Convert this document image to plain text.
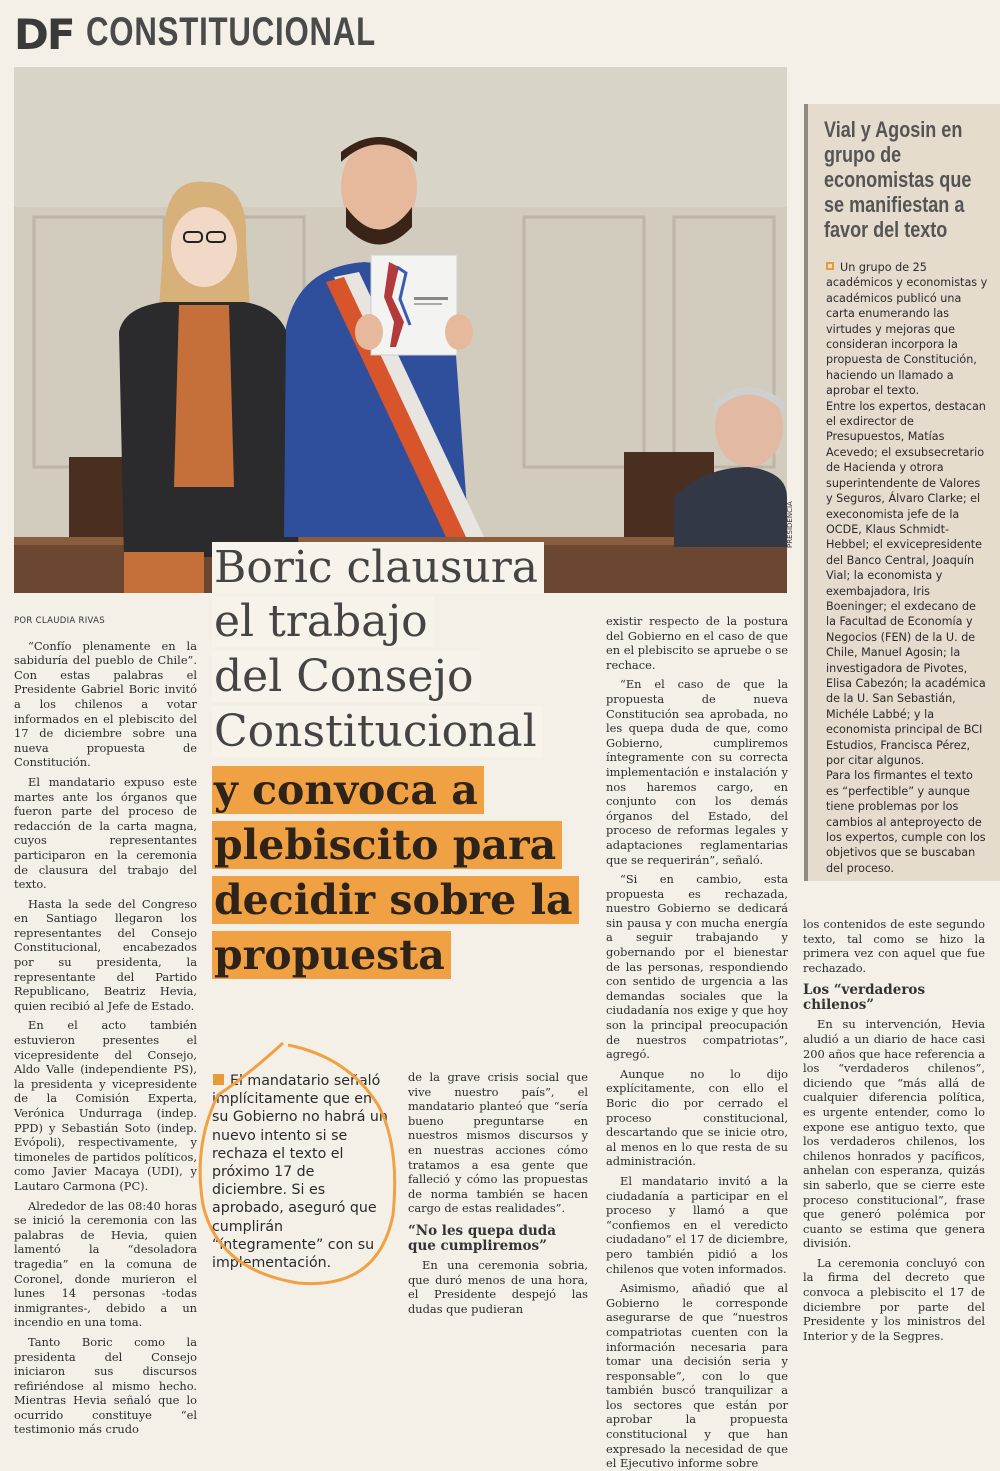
DF CONSTITUCIONAL
PRESIDENCIA
Vial y Agosin en grupo de economistas que se manifiestan a favor del texto

Un grupo de 25 académicos y economistas y académicos publicó una carta enumerando las virtudes y mejoras que consideran incorpora la propuesta de Constitución, haciendo un llamado a aprobar el texto.

Entre los expertos, destacan el exdirector de Presupuestos, Matías Acevedo; el exsubsecretario de Hacienda y otrora superintendente de Valores y Seguros, Álvaro Clarke; el execonomista jefe de la OCDE, Klaus Schmidt-Hebbel; el exvicepresidente del Banco Central, Joaquín Vial; la economista y exembajadora, Iris Boeninger; el exdecano de la Facultad de Economía y Negocios (FEN) de la U. de Chile, Manuel Agosin; la investigadora de Pivotes, Elisa Cabezón; la académica de la U. San Sebastián, Michéle Labbé; y la economista principal de BCI Estudios, Francisca Pérez, por citar algunos.

Para los firmantes el texto es “perfectible” y aunque tiene problemas por los cambios al anteproyecto de los expertos, cumple con los objetivos que se buscaban del proceso.

Boric clausura
el trabajo
del Consejo
Constitucional
y convoca a
plebiscito para
decidir sobre la
propuesta

POR CLAUDIA RIVAS

“Confío plenamente en la sabiduría del pueblo de Chile”. Con estas palabras el Presidente Gabriel Boric invitó a los chilenos a votar informados en el plebiscito del 17 de diciembre sobre una nueva propuesta de Constitución.

El mandatario expuso este martes ante los órganos que fueron parte del proceso de redacción de la carta magna, cuyos representantes participaron en la ceremonia de clausura del trabajo del texto.

Hasta la sede del Congreso en Santiago llegaron los representantes del Consejo Constitucional, encabezados por su presidenta, la representante del Partido Republicano, Beatriz Hevia, quien recibió al Jefe de Estado.

En el acto también estuvieron presentes el vicepresidente del Consejo, Aldo Valle (independiente PS), la presidenta y vicepresidente de la Comisión Experta, Verónica Undurraga (indep. PPD) y Sebastián Soto (indep. Evópoli), respectivamente, y timoneles de partidos políticos, como Javier Macaya (UDI), y Lautaro Carmona (PC).

Alrededor de las 08:40 horas se inició la ceremonia con las palabras de Hevia, quien lamentó la “desoladora tragedia” en la comuna de Coronel, donde murieron el lunes 14 personas -todas inmigrantes-, debido a un incendio en una toma.

Tanto Boric como la presidenta del Consejo iniciaron sus discursos refiriéndose al mismo hecho. Mientras Hevia señaló que lo ocurrido constituye “el testimonio más crudo

El mandatario señaló implícitamente que en su Gobierno no habrá un nuevo intento si se rechaza el texto el próximo 17 de diciembre. Si es aprobado, aseguró que cumplirán “íntegramente” con su implementación.

de la grave crisis social que vive nuestro país”, el mandatario planteó que “sería bueno preguntarse en nuestros mismos discursos y en nuestras acciones cómo tratamos a esa gente que falleció y cómo las propuestas de norma también se hacen cargo de estas realidades”.

“No les quepa duda que cumpliremos”

En una ceremonia sobria, que duró menos de una hora, el Presidente despejó las dudas que pudieran

existir respecto de la postura del Gobierno en el caso de que en el plebiscito se apruebe o se rechace.

“En el caso de que la propuesta de nueva Constitución sea aprobada, no les quepa duda de que, como Gobierno, cumpliremos íntegramente con su correcta implementación e instalación y nos haremos cargo, en conjunto con los demás órganos del Estado, del proceso de reformas legales y adaptaciones reglamentarias que se requerirán”, señaló.

“Si en cambio, esta propuesta es rechazada, nuestro Gobierno se dedicará sin pausa y con mucha energía a seguir trabajando y gobernando por el bienestar de las personas, respondiendo con sentido de urgencia a las demandas sociales que la ciudadanía nos exige y que hoy son la principal preocupación de nuestros compatriotas”, agregó.

Aunque no lo dijo explícitamente, con ello el Boric dio por cerrado el proceso constitucional, descartando que se inicie otro, al menos en lo que resta de su administración.

El mandatario invitó a la ciudadanía a participar en el proceso y llamó a que “confiemos en el veredicto ciudadano” el 17 de diciembre, pero también pidió a los chilenos que voten informados.

Asimismo, añadió que al Gobierno le corresponde asegurarse de que “nuestros compatriotas cuenten con la información necesaria para tomar una decisión seria y responsable”, con lo que también buscó tranquilizar a los sectores que están por aprobar la propuesta constitucional y que han expresado la necesidad de que el Ejecutivo informe sobre

los contenidos de este segundo texto, tal como se hizo la primera vez con aquel que fue rechazado.

Los “verdaderos chilenos”

En su intervención, Hevia aludió a un diario de hace casi 200 años que hace referencia a los “verdaderos chilenos”, diciendo que “más allá de cualquier diferencia política, es urgente entender, como lo expone ese antiguo texto, que los verdaderos chilenos, los chilenos honrados y pacíficos, anhelan con esperanza, quizás sin saberlo, que se cierre este proceso constitucional”, frase que generó polémica por cuanto se estima que genera división.

La ceremonia concluyó con la firma del decreto que convoca a plebiscito el 17 de diciembre por parte del Presidente y los ministros del Interior y de la Segpres.
